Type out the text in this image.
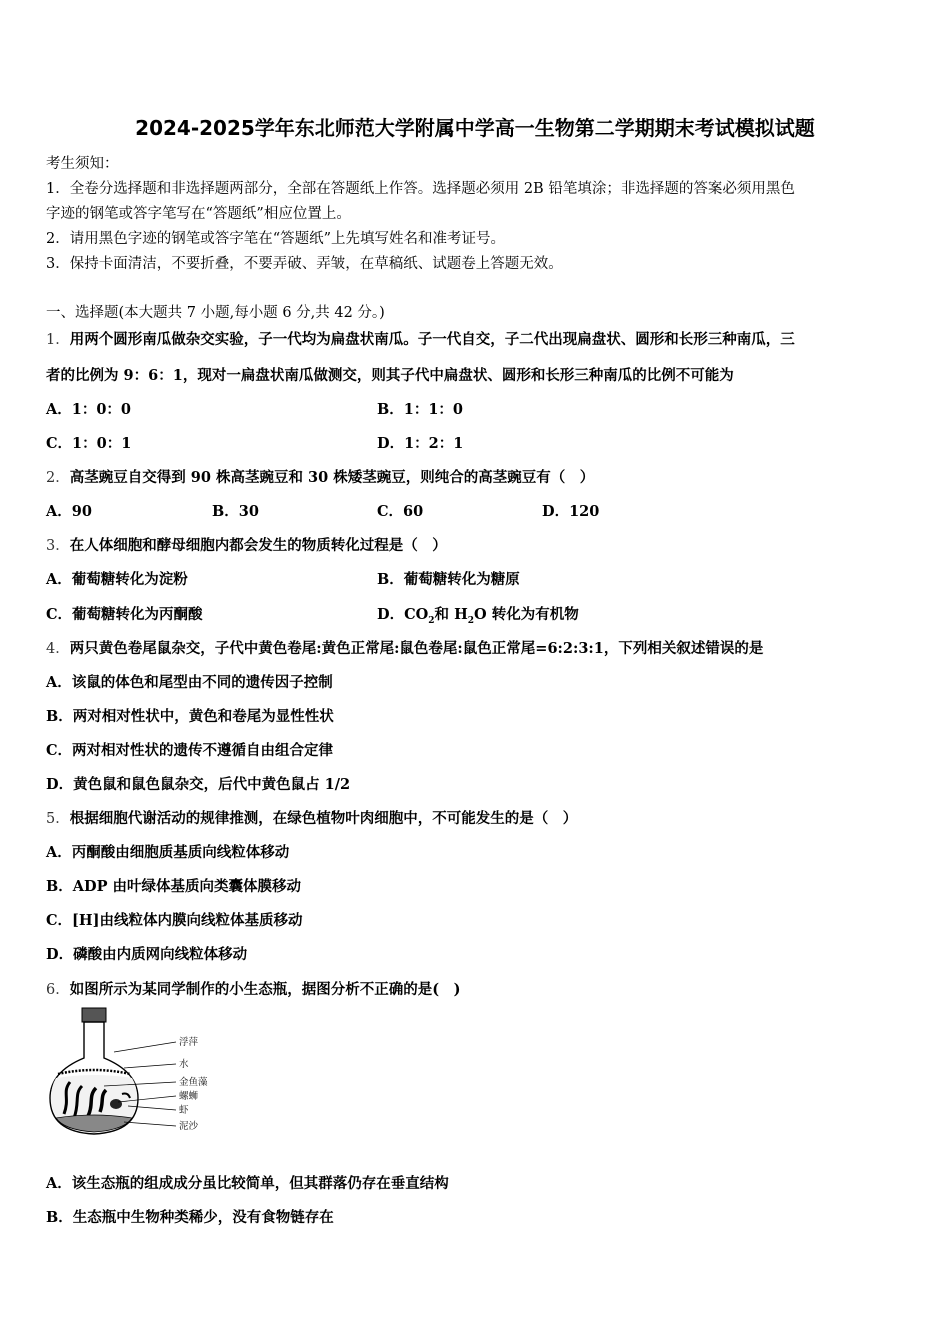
2024-2025学年东北师范大学附属中学高一生物第二学期期末考试模拟试题
考生须知：
1．全卷分选择题和非选择题两部分，全部在答题纸上作答。选择题必须用 2B 铅笔填涂；非选择题的答案必须用黑色
字迹的钢笔或答字笔写在“答题纸”相应位置上。
2．请用黑色字迹的钢笔或答字笔在“答题纸”上先填写姓名和准考证号。
3．保持卡面清洁，不要折叠，不要弄破、弄皱，在草稿纸、试题卷上答题无效。
一、选择题(本大题共 7 小题,每小题 6 分,共 42 分。)
1．用两个圆形南瓜做杂交实验，子一代均为扁盘状南瓜。子一代自交，子二代出现扁盘状、圆形和长形三种南瓜，三
者的比例为 9：6：1，现对一扁盘状南瓜做测交，则其子代中扁盘状、圆形和长形三种南瓜的比例不可能为
A．1：0：0	B．1：1：0
C．1：0：1	D．1：2：1
2．高茎豌豆自交得到 90 株高茎豌豆和 30 株矮茎豌豆，则纯合的高茎豌豆有（　）
A．90	B．30	C．60	D．120
3．在人体细胞和酵母细胞内都会发生的物质转化过程是（　）
A．葡萄糖转化为淀粉	B．葡萄糖转化为糖原
C．葡萄糖转化为丙酮酸	D．$CO_2$和 $H_2O$ 转化为有机物
4．两只黄色卷尾鼠杂交，子代中黄色卷尾:黄色正常尾:鼠色卷尾:鼠色正常尾=6:2:3:1，下列相关叙述错误的是
A．该鼠的体色和尾型由不同的遗传因子控制
B．两对相对性状中，黄色和卷尾为显性性状
C．两对相对性状的遗传不遵循自由组合定律
D．黄色鼠和鼠色鼠杂交，后代中黄色鼠占 1/2
5．根据细胞代谢活动的规律推测，在绿色植物叶肉细胞中，不可能发生的是（　）
A．丙酮酸由细胞质基质向线粒体移动
B．ADP 由叶绿体基质向类囊体膜移动
C．[H]由线粒体内膜向线粒体基质移动
D．磷酸由内质网向线粒体移动
6．如图所示为某同学制作的小生态瓶，据图分析不正确的是(　)
浮萍
水
金鱼藻
螺蛳
虾
泥沙
A．该生态瓶的组成成分虽比较简单，但其群落仍存在垂直结构
B．生态瓶中生物种类稀少，没有食物链存在
